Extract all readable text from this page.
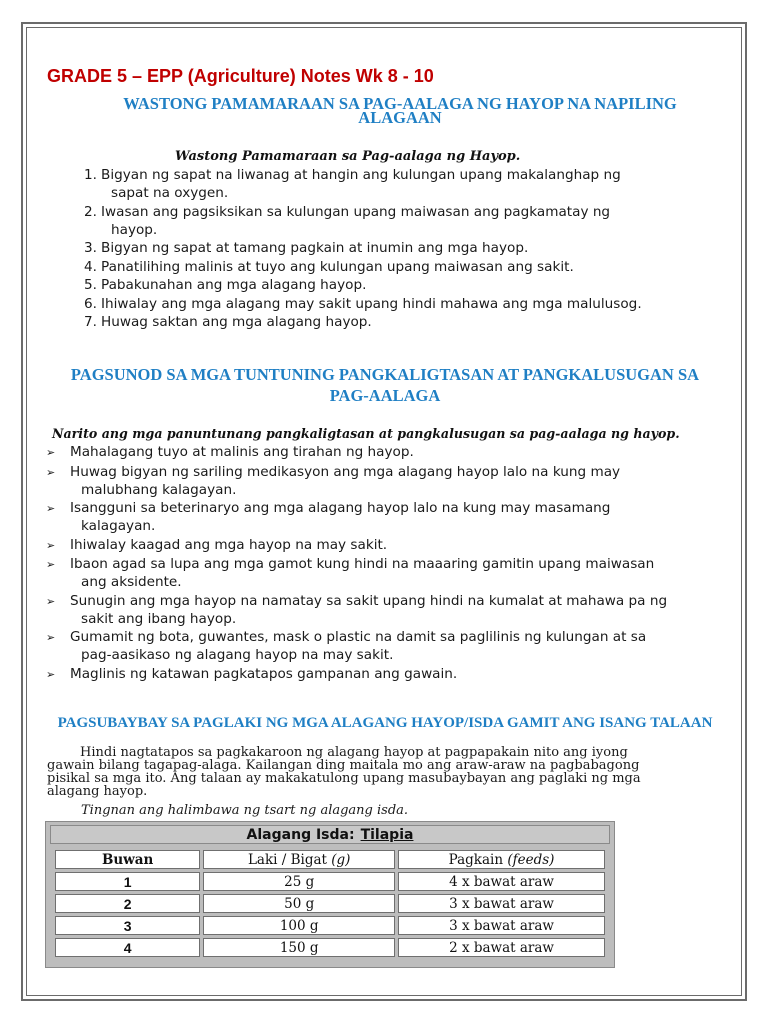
GRADE 5 – EPP (Agriculture) Notes Wk 8 - 10
WASTONG PAMAMARAAN SA PAG-AALAGA NG HAYOP NA NAPILING ALAGAAN

Wastong Pamamaraan sa Pag-aalaga ng Hayop.

1. Bigyan ng sapat na liwanag at hangin ang kulungan upang makalanghap ng
sapat na oxygen.
2. Iwasan ang pagsiksikan sa kulungan upang maiwasan ang pagkamatay ng
hayop.
3. Bigyan ng sapat at tamang pagkain at inumin ang mga hayop.
4. Panatilihing malinis at tuyo ang kulungan upang maiwasan ang sakit.
5. Pabakunahan ang mga alagang hayop.
6. Ihiwalay ang mga alagang may sakit upang hindi mahawa ang mga malulusog.
7. Huwag saktan ang mga alagang hayop.
PAGSUNOD SA MGA TUNTUNING PANGKALIGTASAN AT PANGKALUSUGAN SA
PAG-AALAGA

Narito ang mga panuntunang pangkaligtasan at pangkalusugan sa pag-aalaga ng hayop.

➢	Mahalagang tuyo at malinis ang tirahan ng hayop.
➢	Huwag bigyan ng sariling medikasyon ang mga alagang hayop lalo na kung may
malubhang kalagayan.
➢	Isangguni sa beterinaryo ang mga alagang hayop lalo na kung may masamang
kalagayan.
➢	Ihiwalay kaagad ang mga hayop na may sakit.
➢	Ibaon agad sa lupa ang mga gamot kung hindi na maaaring gamitin upang maiwasan
ang aksidente.
➢	Sunugin ang mga hayop na namatay sa sakit upang hindi na kumalat at mahawa pa ng
sakit ang ibang hayop.
➢	Gumamit ng bota, guwantes, mask o plastic na damit sa paglilinis ng kulungan at sa
pag-aasikaso ng alagang hayop na may sakit.
➢	Maglinis ng katawan pagkatapos gampanan ang gawain.
PAGSUBAYBAY SA PAGLAKI NG MGA ALAGANG HAYOP/ISDA GAMIT ANG ISANG TALAAN

Hindi nagtatapos sa pagkakaroon ng alagang hayop at pagpapakain nito ang iyong
gawain bilang tagapag-alaga. Kailangan ding maitala mo ang araw-araw na pagbabagong
pisikal sa mga ito. Ang talaan ay makakatulong upang masubaybayan ang paglaki ng mga
alagang hayop.

Tingnan ang halimbawa ng tsart ng alagang isda.

Alagang Isda: Tilapia
Buwan	Laki / Bigat (g)	Pagkain (feeds)
1	25 g	4 x bawat araw
2	50 g	3 x bawat araw
3	100 g	3 x bawat araw
4	150 g	2 x bawat araw
